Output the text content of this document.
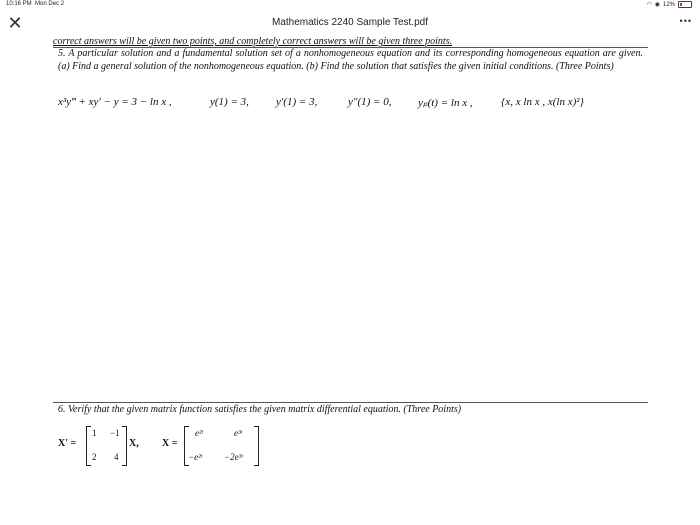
10:16 PM Mon Dec 2	◠ ◉ 12%
✕	Mathematics 2240 Sample Test.pdf	•••
correct answers will be given two points, and completely correct answers will be given three points.
5. A particular solution and a fundamental solution set of a nonhomogeneous equation and its corresponding homogeneous equation are given. (a) Find a general solution of the nonhomogeneous equation. (b) Find the solution that satisfies the given initial conditions. (Three Points)
x³y‴ + xy′ − y = 3 − ln x ,	y(1) = 3, y′(1) = 3,	y″(1) = 0, yₚ(t) = ln x ,	{x, x ln x , x(ln x)²}
6. Verify that the given matrix function satisfies the given matrix differential equation. (Three Points)
X′ =
1 −1
2 4
X, X =
e²ᵗ	e³ᵗ
−e²ᵗ −2e³ᵗ
